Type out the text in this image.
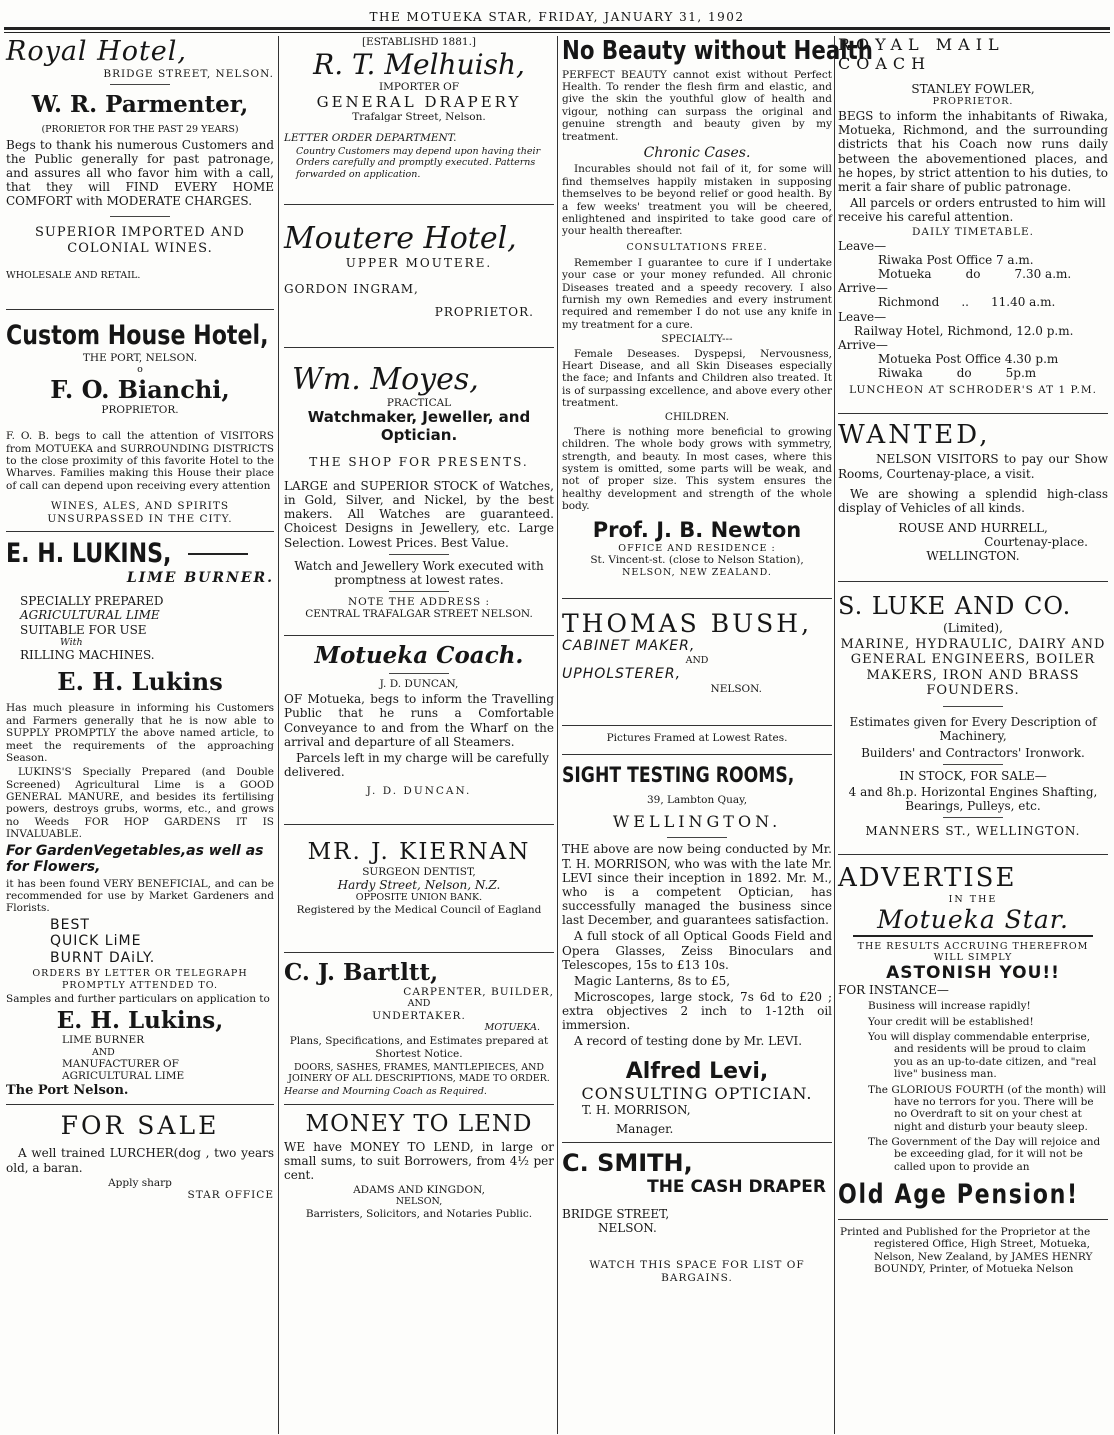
THE MOTUEKA STAR, FRIDAY, JANUARY 31, 1902
Royal Hotel,
BRIDGE STREET, NELSON.
W. R. Parmenter,
(PRORIETOR FOR THE PAST 29 YEARS)

Begs to thank his numerous Customers and the Public generally for past patronage, and assures all who favor him with a call, that they will FIND EVERY HOME COMFORT with MODERATE CHARGES.

SUPERIOR IMPORTED AND COLONIAL WINES.
WHOLESALE AND RETAIL.
Custom House Hotel,
THE PORT, NELSON.
o
F. O. Bianchi,
PROPRIETOR.

F. O. B. begs to call the attention of VISITORS from MOTUEKA and SURROUNDING DISTRICTS to the close proximity of this favorite Hotel to the Wharves. Families making this House their place of call can depend upon receiving every attention

WINES, ALES, AND SPIRITS UNSURPASSED IN THE CITY.

E. H. LUKINS,
LIME BURNER.
SPECIALLY PREPARED
AGRICULTURAL LIME
SUITABLE FOR USE
With
RILLING MACHINES.
E. H. Lukins

Has much pleasure in informing his Customers and Farmers generally that he is now able to SUPPLY PROMPTLY the above named article, to meet the requirements of the approaching Season.

LUKINS'S Specially Prepared (and Double Screened) Agricultural Lime is a GOOD GENERAL MANURE, and besides its fertilising powers, destroys grubs, worms, etc., and grows no Weeds FOR HOP GARDENS IT IS INVALUABLE.

For GardenVegetables,as well as for Flowers,

it has been found VERY BENEFICIAL, and can be recommended for use by Market Gardeners and Florists.

BEST
QUICK LiME
BURNT DAiLY.

ORDERS BY LETTER OR TELEGRAPH PROMPTLY ATTENDED TO.

Samples and further particulars on application to

E. H. Lukins,
LIME BURNER
AND
MANUFACTURER OF
AGRICULTURAL LIME
The Port Nelson.
FOR SALE

A well trained LURCHER(dog , two years old, a baran.

Apply sharp
STAR OFFICE
[ESTABLISHD 1881.]
R. T. Melhuish,
IMPORTER OF
GENERAL DRAPERY
Trafalgar Street, Nelson.
LETTER ORDER DEPARTMENT.

Country Customers may depend upon having their Orders carefully and promptly executed. Patterns forwarded on application.

Moutere Hotel,
UPPER MOUTERE.
GORDON INGRAM,
PROPRIETOR.
Wm. Moyes,
PRACTICAL
Watchmaker, Jeweller, and Optician.
THE SHOP FOR PRESENTS.

LARGE and SUPERIOR STOCK of Watches, in Gold, Silver, and Nickel, by the best makers. All Watches are guaranteed. Choicest Designs in Jewellery, etc. Large Selection. Lowest Prices. Best Value.

Watch and Jewellery Work executed with promptness at lowest rates.

NOTE THE ADDRESS :
CENTRAL TRAFALGAR STREET NELSON.
Motueka Coach.
J. D. DUNCAN,

OF Motueka, begs to inform the Travelling Public that he runs a Comfortable Conveyance to and from the Wharf on the arrival and departure of all Steamers.

Parcels left in my charge will be carefully delivered.

J. D. DUNCAN.
MR. J. KIERNAN
SURGEON DENTIST,
Hardy Street, Nelson, N.Z.
OPPOSITE UNION BANK.
Registered by the Medical Council of Eagland
C. J. Bartltt,
CARPENTER, BUILDER,
AND
UNDERTAKER.
MOTUEKA.

Plans, Specifications, and Estimates prepared at Shortest Notice.

DOORS, SASHES, FRAMES, MANTLEPIECES, AND JOINERY OF ALL DESCRIPTIONS, MADE TO ORDER.

Hearse and Mourning Coach as Required.

MONEY TO LEND

WE have MONEY TO LEND, in large or small sums, to suit Borrowers, from 4½ per cent.

ADAMS AND KINGDON,
NELSON,
Barristers, Solicitors, and Notaries Public.
No Beauty without Health

PERFECT BEAUTY cannot exist without Perfect Health. To render the flesh firm and elastic, and give the skin the youthful glow of health and vigour, nothing can surpass the original and genuine strength and beauty given by my treatment.

Chronic Cases.

Incurables should not fail of it, for some will find themselves happily mistaken in supposing themselves to be beyond relief or good health. By a few weeks' treatment you will be cheered, enlightened and inspirited to take good care of your health thereafter.

CONSULTATIONS FREE.

Remember I guarantee to cure if I undertake your case or your money refunded. All chronic Diseases treated and a speedy recovery. I also furnish my own Remedies and every instrument required and remember I do not use any knife in my treatment for a cure.

SPECIALTY---

Female Deseases. Dyspepsi, Nervousness, Heart Disease, and all Skin Diseases especially the face; and Infants and Children also treated. It is of surpassing excellence, and above every other treatment.

CHILDREN.

There is nothing more beneficial to growing children. The whole body grows with symmetry, strength, and beauty. In most cases, where this system is omitted, some parts will be weak, and not of proper size. This system ensures the healthy development and strength of the whole body.

Prof. J. B. Newton
OFFICE AND RESIDENCE :
St. Vincent-st. (close to Nelson Station),
NELSON, NEW ZEALAND.
THOMAS BUSH,
CABINET MAKER,
AND
UPHOLSTERER,
NELSON.
Pictures Framed at Lowest Rates.
SIGHT TESTING ROOMS,
39, Lambton Quay,
WELLINGTON.

THE above are now being conducted by Mr. T. H. MORRISON, who was with the late Mr. LEVI since their inception in 1892. Mr. M., who is a competent Optician, has successfully managed the business since last December, and guarantees satisfaction.

A full stock of all Optical Goods Field and Opera Glasses, Zeiss Binoculars and Telescopes, 15s to £13 10s.

Magic Lanterns, 8s to £5,

Microscopes, large stock, 7s 6d to £20 ; extra objectives 2 inch to 1-12th oil immersion.

A record of testing done by Mr. LEVI.

Alfred Levi,
CONSULTING OPTICIAN.
T. H. MORRISON,
Manager.
C. SMITH,
THE CASH DRAPER
BRIDGE STREET,
NELSON.
WATCH THIS SPACE FOR LIST OF BARGAINS.
ROYAL MAIL COACH
STANLEY FOWLER,
PROPRIETOR.

BEGS to inform the inhabitants of Riwaka, Motueka, Richmond, and the surrounding districts that his Coach now runs daily between the abovementioned places, and he hopes, by strict attention to his duties, to merit a fair share of public patronage.

All parcels or orders entrusted to him will receive his careful attention.

DAILY TIMETABLE.
Leave—
Riwaka Post Office 7 a.m.
Motueka	do	7.30 a.m.
Arrive—
Richmond .. 11.40 a.m.
Leave—
Railway Hotel, Richmond, 12.0 p.m.
Arrive—
Motueka Post Office 4.30 p.m
Riwaka	do	5p.m
LUNCHEON AT SCHRODER'S AT 1 P.M.
WANTED,

NELSON VISITORS to pay our Show Rooms, Courtenay-place, a visit.

We are showing a splendid high-class display of Vehicles of all kinds.

ROUSE AND HURRELL,
Courtenay-place.
WELLINGTON.
S. LUKE AND CO.
(Limited),

MARINE, HYDRAULIC, DAIRY AND GENERAL ENGINEERS, BOILER MAKERS, IRON AND BRASS FOUNDERS.

Estimates given for Every Description of Machinery,

Builders' and Contractors' Ironwork.

IN STOCK, FOR SALE—

4 and 8h.p. Horizontal Engines Shafting, Bearings, Pulleys, etc.

MANNERS ST., WELLINGTON.
ADVERTISE
IN THE
Motueka Star.
THE RESULTS ACCRUING THEREFROM
WILL SIMPLY
ASTONISH YOU!!
FOR INSTANCE—
Business will increase rapidly!
Your credit will be established!
You will display commendable enterprise, and residents will be proud to claim you as an up-to-date citizen, and "real live" business man.
The GLORIOUS FOURTH (of the month) will have no terrors for you. There will be no Overdraft to sit on your chest at night and disturb your beauty sleep.
The Government of the Day will rejoice and be exceeding glad, for it will not be called upon to provide an
Old Age Pension!

Printed and Published for the Proprietor at the registered Office, High Street, Motueka, Nelson, New Zealand, by JAMES HENRY BOUNDY, Printer, of Motueka Nelson
